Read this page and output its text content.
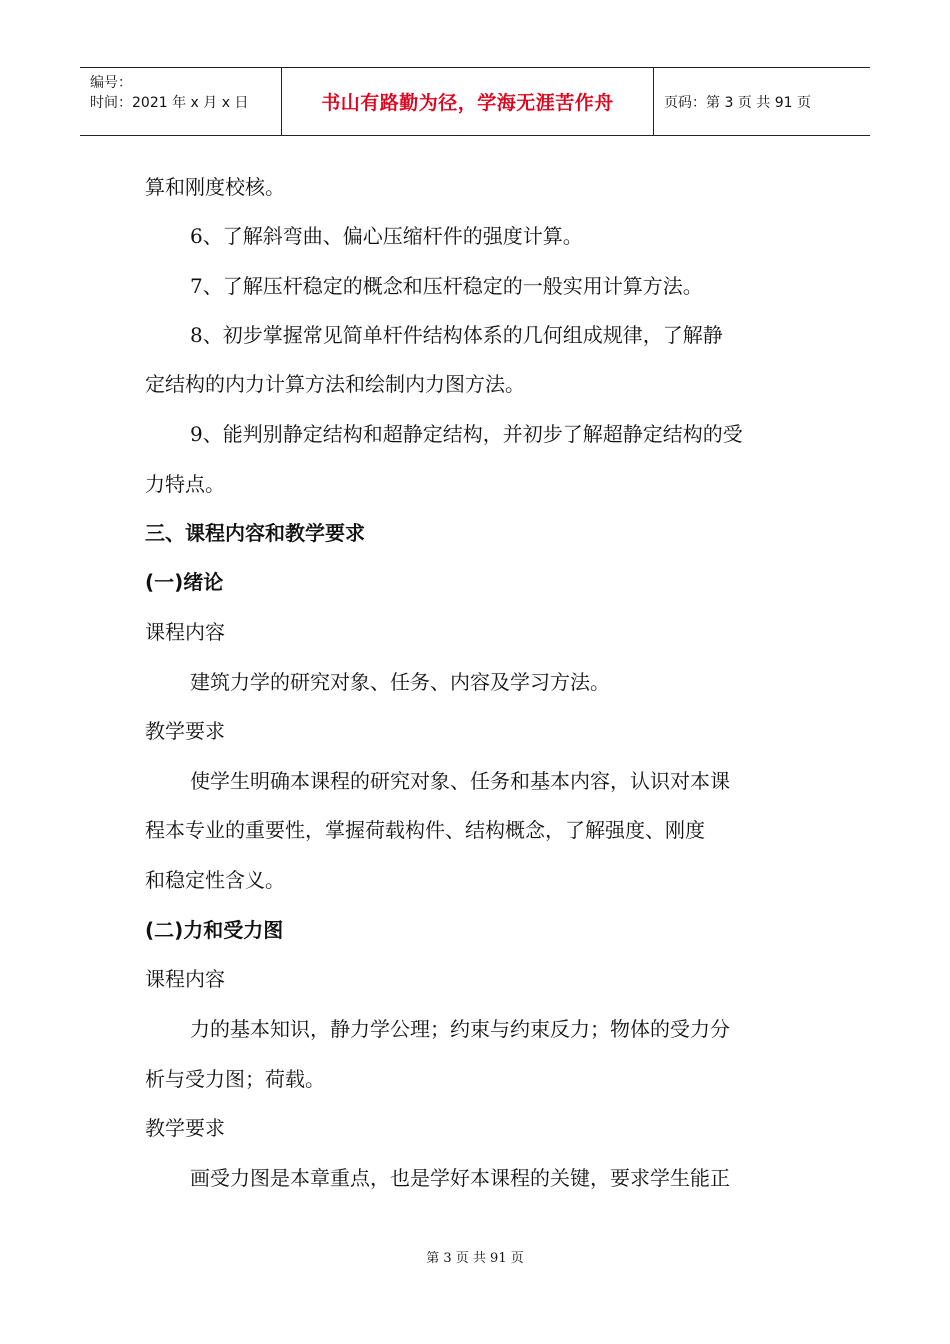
编号：
时间：2021 年 x 月 x 日	书山有路勤为径，学海无涯苦作舟	页码：第 3 页 共 91 页
算和刚度校核。
6、了解斜弯曲、偏心压缩杆件的强度计算。
7、了解压杆稳定的概念和压杆稳定的一般实用计算方法。
8、初步掌握常见简单杆件结构体系的几何组成规律，了解静
定结构的内力计算方法和绘制内力图方法。
9、能判别静定结构和超静定结构，并初步了解超静定结构的受
力特点。
三、课程内容和教学要求
(一)绪论
课程内容
建筑力学的研究对象、任务、内容及学习方法。
教学要求
使学生明确本课程的研究对象、任务和基本内容，认识对本课
程本专业的重要性，掌握荷载构件、结构概念，了解强度、刚度
和稳定性含义。
(二)力和受力图
课程内容
力的基本知识，静力学公理；约束与约束反力；物体的受力分
析与受力图；荷载。
教学要求
画受力图是本章重点，也是学好本课程的关键，要求学生能正
第 3 页 共 91 页
